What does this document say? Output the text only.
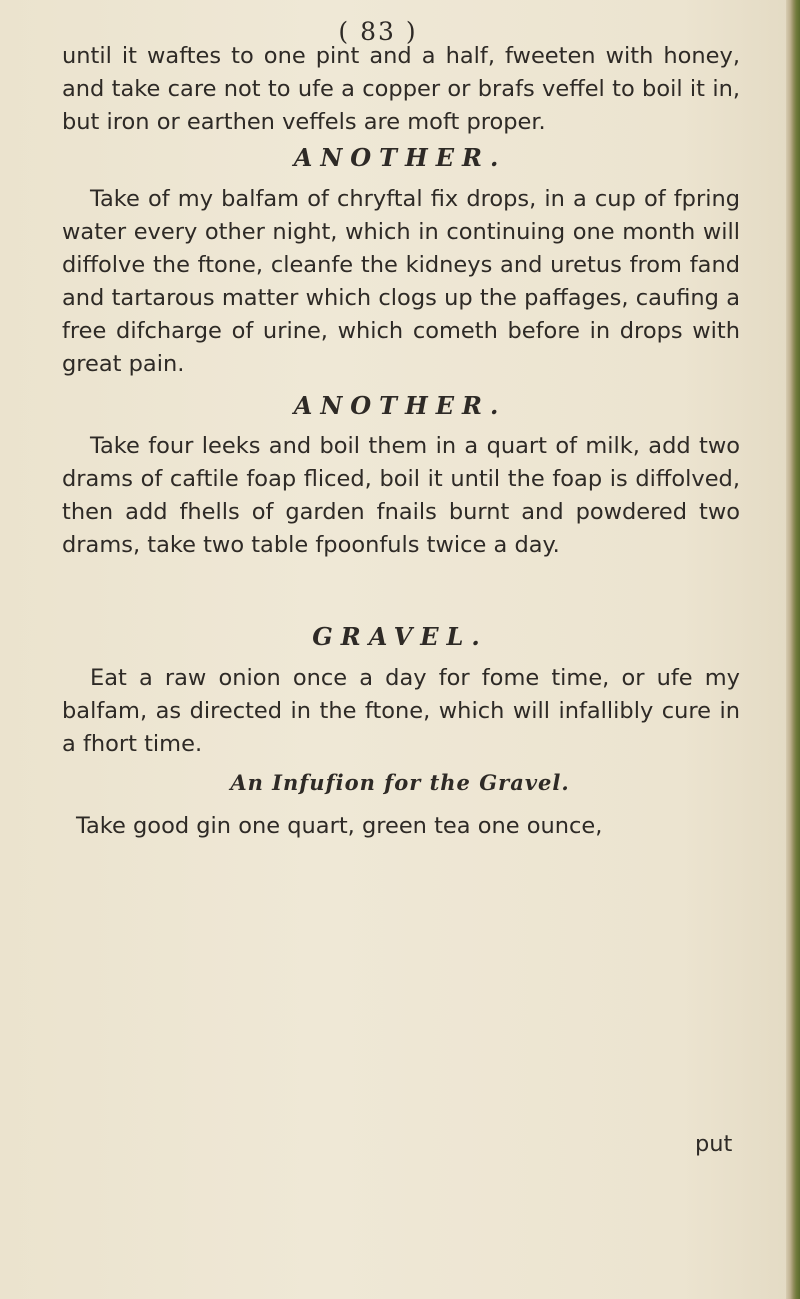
( 83 )

until it waftes to one pint and a half, fweeten with honey, and take care not to ufe a copper or brafs veffel to boil it in, but iron or earthen veffels are moft proper.

ANOTHER.

Take of my balfam of chryftal fix drops, in a cup of fpring water every other night, which in continuing one month will diffolve the ftone, cleanfe the kidneys and uretus from fand and tartarous matter which clogs up the paffages, caufing a free difcharge of urine, which cometh before in drops with great pain.

ANOTHER.

Take four leeks and boil them in a quart of milk, add two drams of caftile foap fliced, boil it until the foap is diffolved, then add fhells of garden fnails burnt and powdered two drams, take two table fpoonfuls twice a day.

GRAVEL.

Eat a raw onion once a day for fome time, or ufe my balfam, as directed in the ftone, which will infallibly cure in a fhort time.

An Infufion for the Gravel.

Take good gin one quart, green tea one ounce,

put
